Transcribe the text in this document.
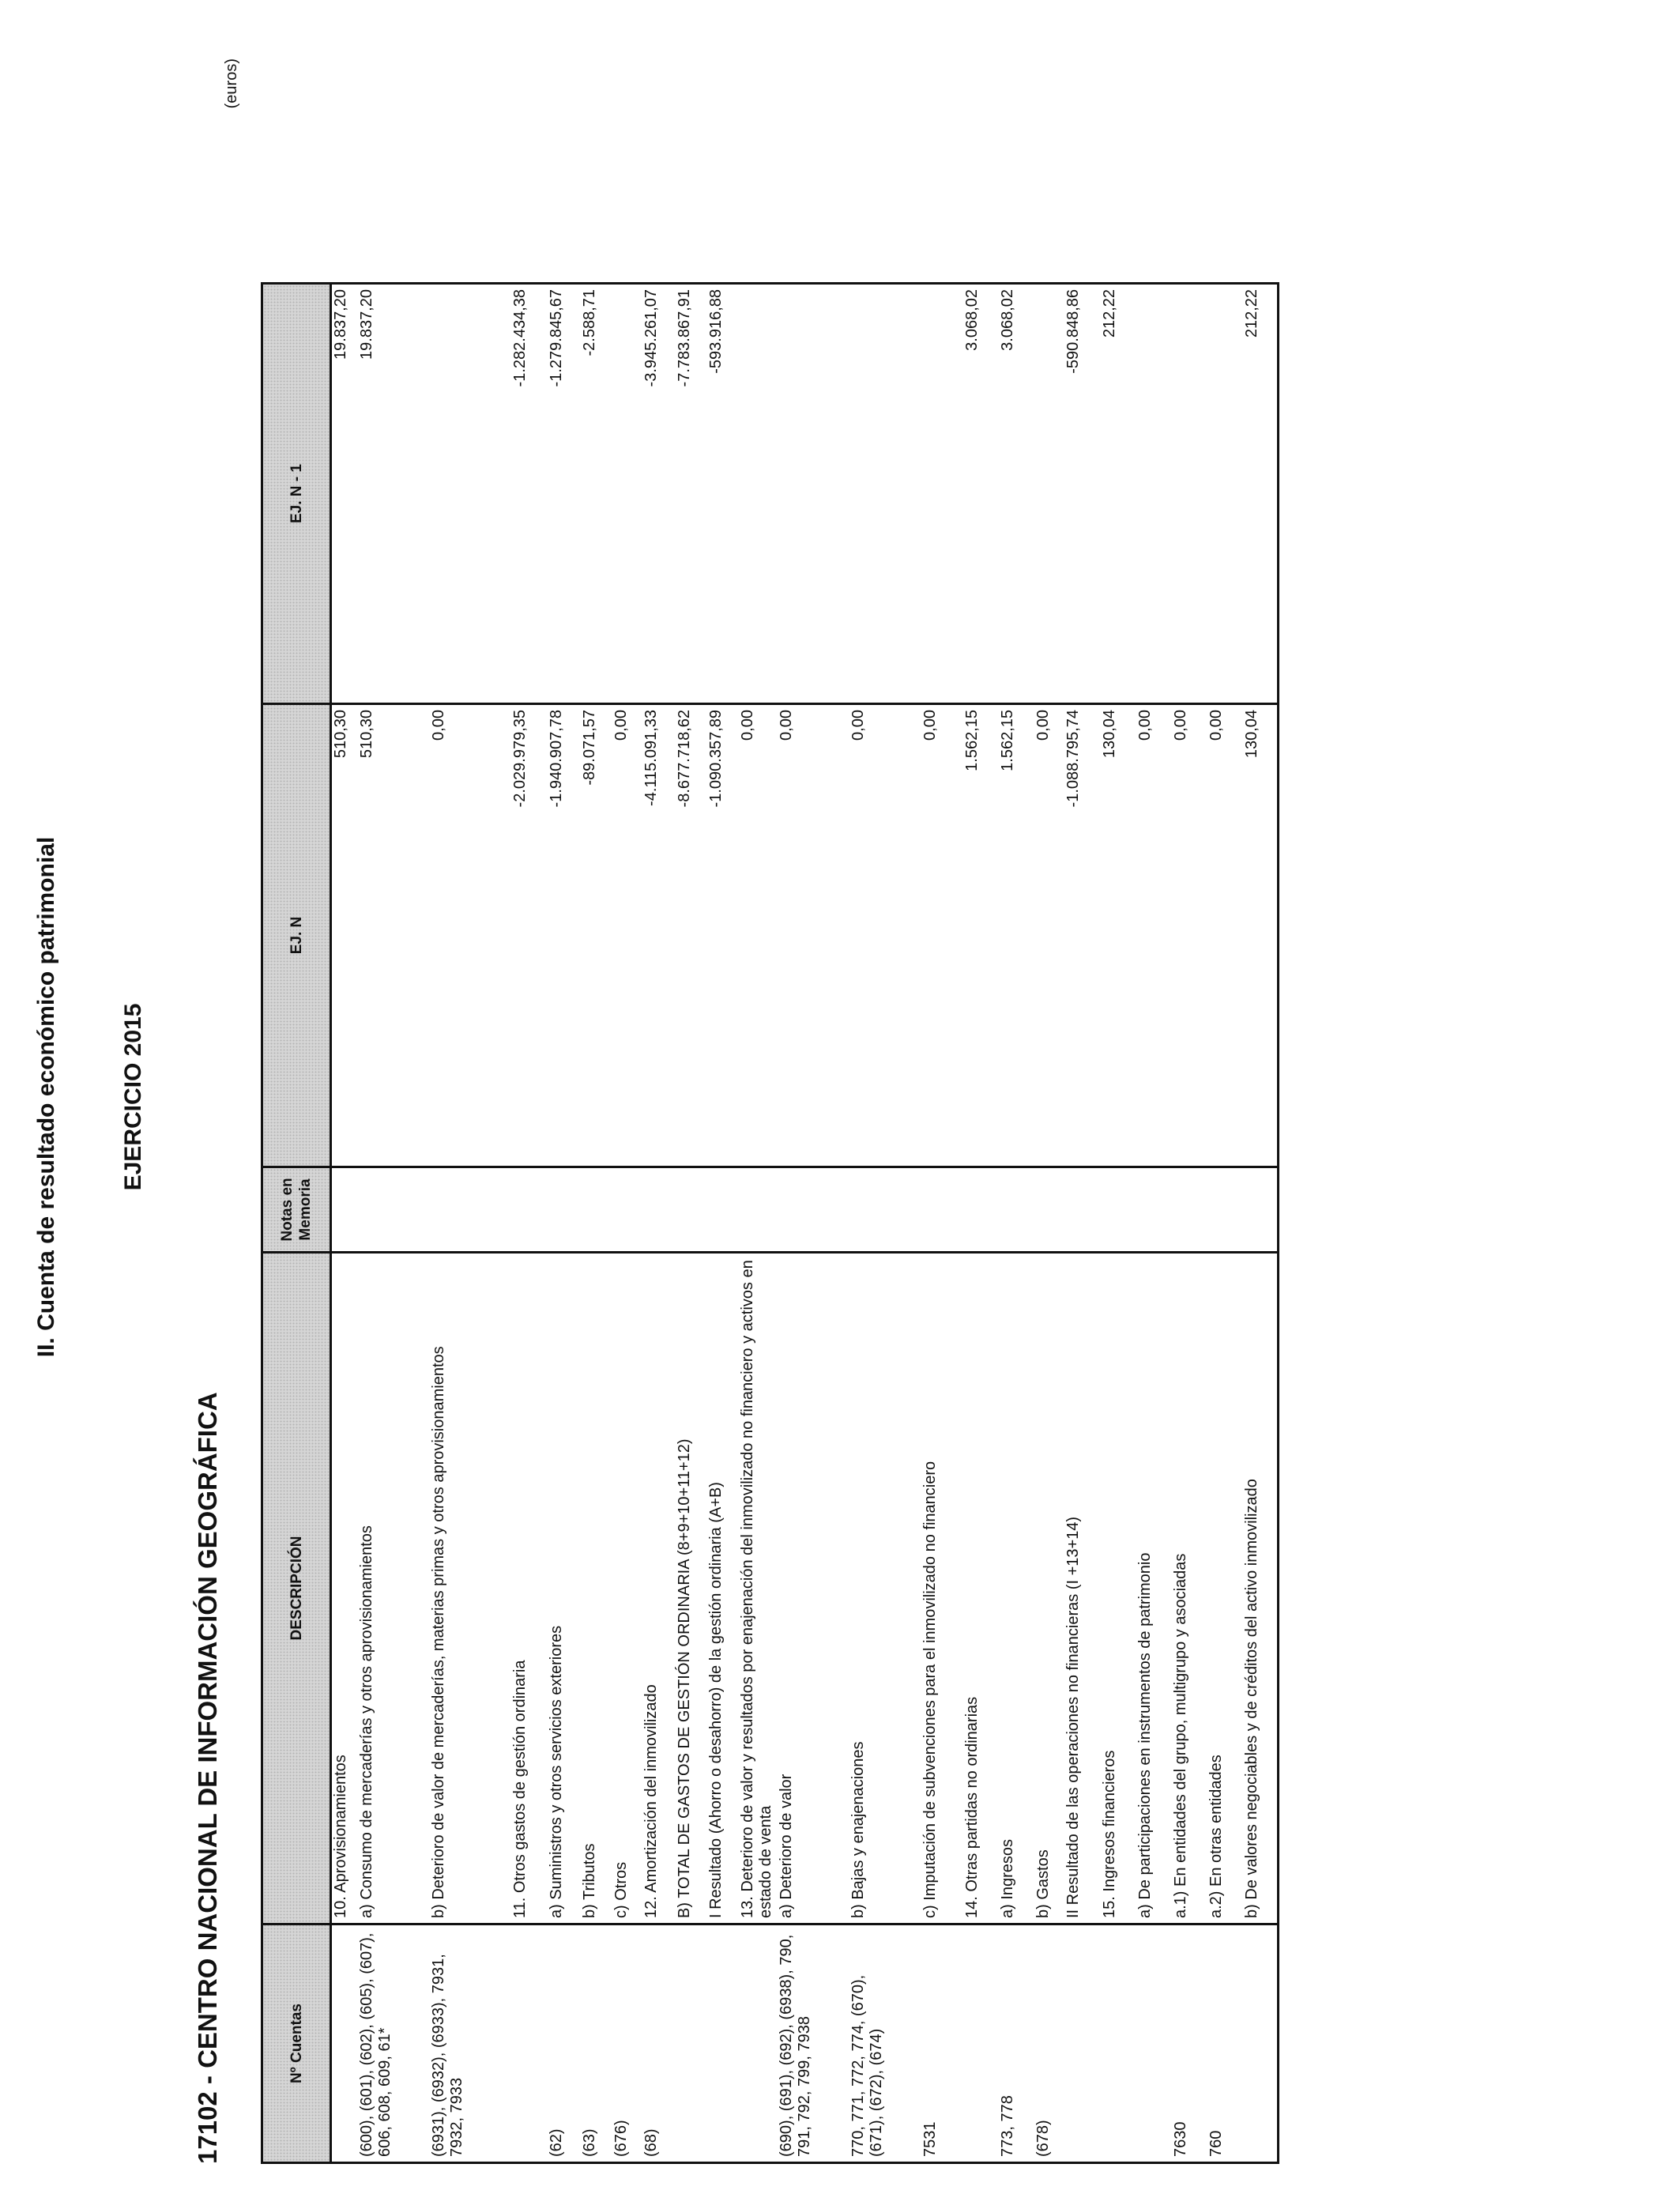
II. Cuenta de resultado económico patrimonial	EJERCICIO 2015
17102 - CENTRO NACIONAL DE INFORMACIÓN GEOGRÁFICA
(euros)
Nº Cuentas	DESCRIPCIÓN	Notas en Memoria	EJ. N	EJ. N - 1
	10. Aprovisionamientos		510,30	19.837,20
(600), (601), (602), (605), (607), 606, 608, 609, 61*	a) Consumo de mercaderías y otros aprovisionamientos		510,30	19.837,20
(6931), (6932), (6933), 7931, 7932, 7933	b) Deterioro de valor de mercaderías, materias primas y otros aprovisionamientos		0,00	
	11. Otros gastos de gestión ordinaria		-2.029.979,35	-1.282.434,38
(62)	a) Suministros y otros servicios exteriores		-1.940.907,78	-1.279.845,67
(63)	b) Tributos		-89.071,57	-2.588,71
(676)	c) Otros		0,00	
(68)	12. Amortización del inmovilizado		-4.115.091,33	-3.945.261,07
	B) TOTAL DE GASTOS DE GESTIÓN ORDINARIA (8+9+10+11+12)		-8.677.718,62	-7.783.867,91
	I Resultado (Ahorro o desahorro) de la gestión ordinaria (A+B)		-1.090.357,89	-593.916,88
	13. Deterioro de valor y resultados por enajenación del inmovilizado no financiero y activos en estado de venta		0,00	
(690), (691), (692), (6938), 790, 791, 792, 799, 7938	a) Deterioro de valor		0,00	
770, 771, 772, 774, (670), (671), (672), (674)	b) Bajas y enajenaciones		0,00	
7531	c) Imputación de subvenciones para el inmovilizado no financiero		0,00	
	14. Otras partidas no ordinarias		1.562,15	3.068,02
773, 778	a) Ingresos		1.562,15	3.068,02
(678)	b) Gastos		0,00	
	II Resultado de las operaciones no financieras (I +13+14)		-1.088.795,74	-590.848,86
	15. Ingresos financieros		130,04	212,22
	a) De participaciones en instrumentos de patrimonio		0,00	
7630	a.1) En entidades del grupo, multigrupo y asociadas		0,00	
760	a.2) En otras entidades		0,00	
	b) De valores negociables y de créditos del activo inmovilizado		130,04	212,22
